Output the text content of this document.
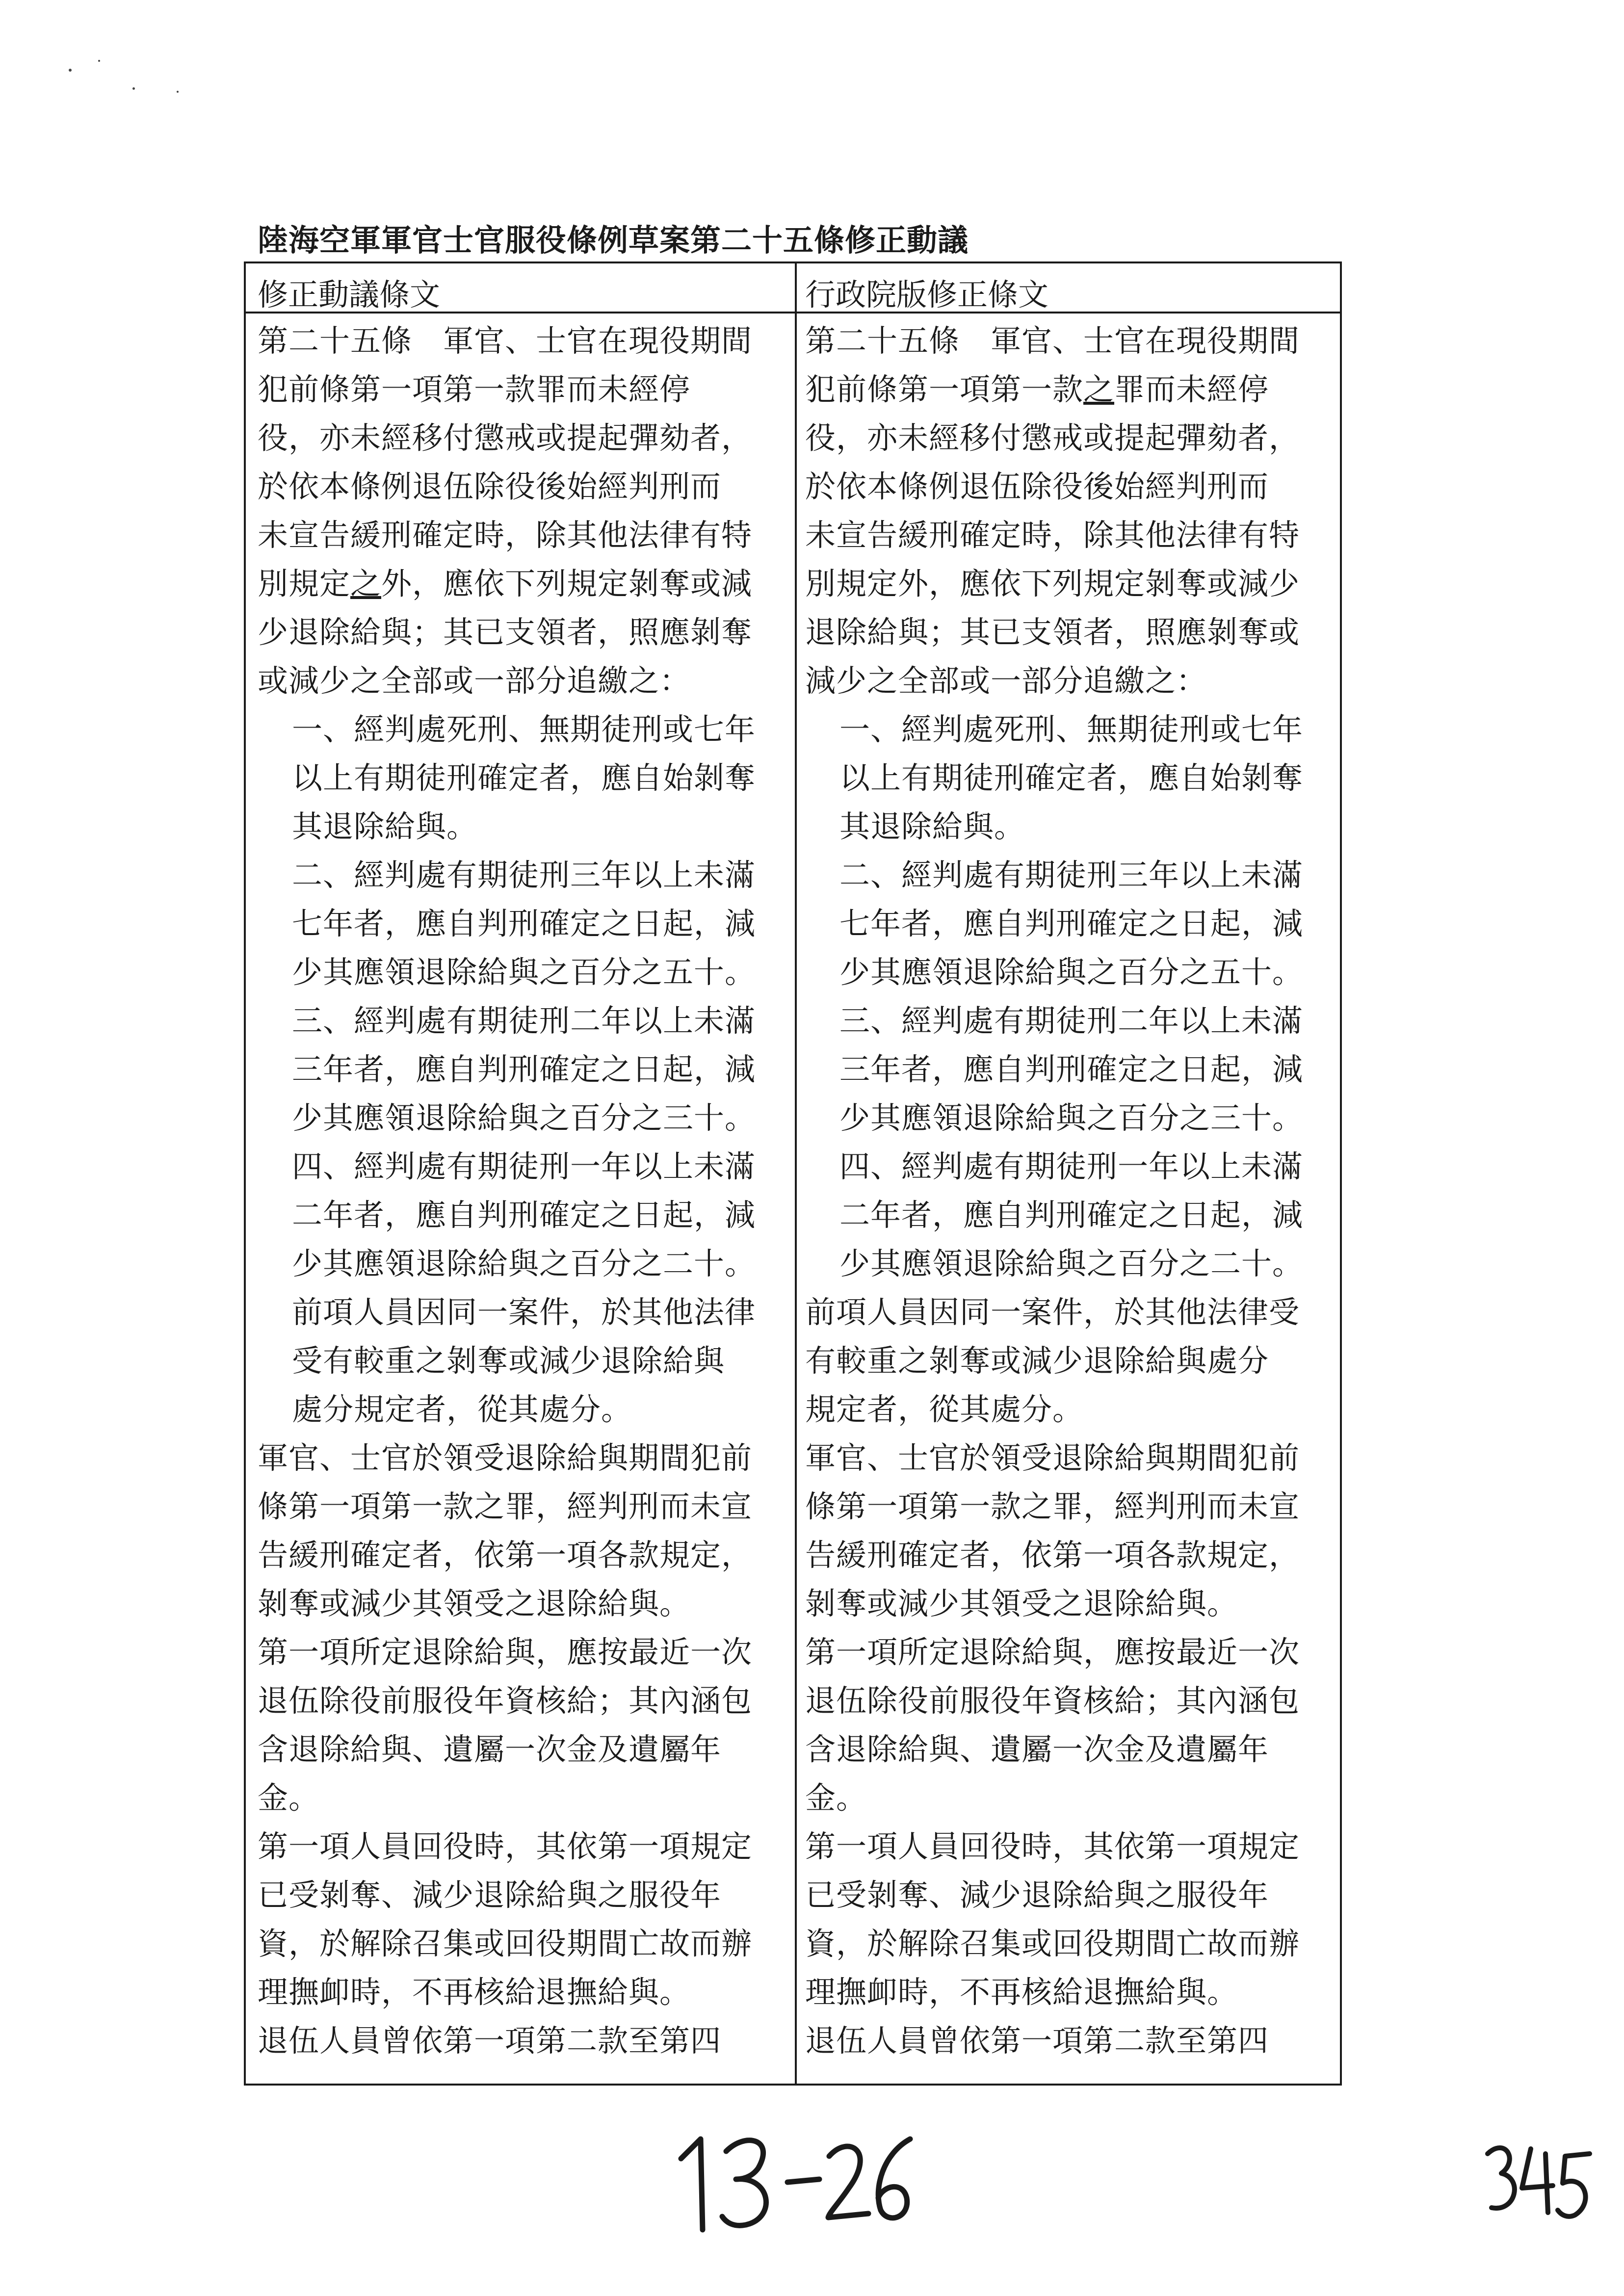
陸海空軍軍官士官服役條例草案第二十五條修正動議
修正動議條文	行政院版修正條文
第二十五條　軍官、士官在現役期間
犯前條第一項第一款罪而未經停
役，亦未經移付懲戒或提起彈劾者，
於依本條例退伍除役後始經判刑而
未宣告緩刑確定時，除其他法律有特
別規定之外，應依下列規定剝奪或減
少退除給與；其已支領者，照應剝奪
或減少之全部或一部分追繳之：
一、經判處死刑、無期徒刑或七年
以上有期徒刑確定者，應自始剝奪
其退除給與。
二、經判處有期徒刑三年以上未滿
七年者，應自判刑確定之日起，減
少其應領退除給與之百分之五十。
三、經判處有期徒刑二年以上未滿
三年者，應自判刑確定之日起，減
少其應領退除給與之百分之三十。
四、經判處有期徒刑一年以上未滿
二年者，應自判刑確定之日起，減
少其應領退除給與之百分之二十。
前項人員因同一案件，於其他法律
受有較重之剝奪或減少退除給與
處分規定者，從其處分。
軍官、士官於領受退除給與期間犯前
條第一項第一款之罪，經判刑而未宣
告緩刑確定者，依第一項各款規定，
剝奪或減少其領受之退除給與。
第一項所定退除給與，應按最近一次
退伍除役前服役年資核給；其內涵包
含退除給與、遺屬一次金及遺屬年
金。
第一項人員回役時，其依第一項規定
已受剝奪、減少退除給與之服役年
資，於解除召集或回役期間亡故而辦
理撫卹時，不再核給退撫給與。
退伍人員曾依第一項第二款至第四
第二十五條　軍官、士官在現役期間
犯前條第一項第一款之罪而未經停
役，亦未經移付懲戒或提起彈劾者，
於依本條例退伍除役後始經判刑而
未宣告緩刑確定時，除其他法律有特
別規定外，應依下列規定剝奪或減少
退除給與；其已支領者，照應剝奪或
減少之全部或一部分追繳之：
一、經判處死刑、無期徒刑或七年
以上有期徒刑確定者，應自始剝奪
其退除給與。
二、經判處有期徒刑三年以上未滿
七年者，應自判刑確定之日起，減
少其應領退除給與之百分之五十。
三、經判處有期徒刑二年以上未滿
三年者，應自判刑確定之日起，減
少其應領退除給與之百分之三十。
四、經判處有期徒刑一年以上未滿
二年者，應自判刑確定之日起，減
少其應領退除給與之百分之二十。
前項人員因同一案件，於其他法律受
有較重之剝奪或減少退除給與處分
規定者，從其處分。
軍官、士官於領受退除給與期間犯前
條第一項第一款之罪，經判刑而未宣
告緩刑確定者，依第一項各款規定，
剝奪或減少其領受之退除給與。
第一項所定退除給與，應按最近一次
退伍除役前服役年資核給；其內涵包
含退除給與、遺屬一次金及遺屬年
金。
第一項人員回役時，其依第一項規定
已受剝奪、減少退除給與之服役年
資，於解除召集或回役期間亡故而辦
理撫卹時，不再核給退撫給與。
退伍人員曾依第一項第二款至第四
